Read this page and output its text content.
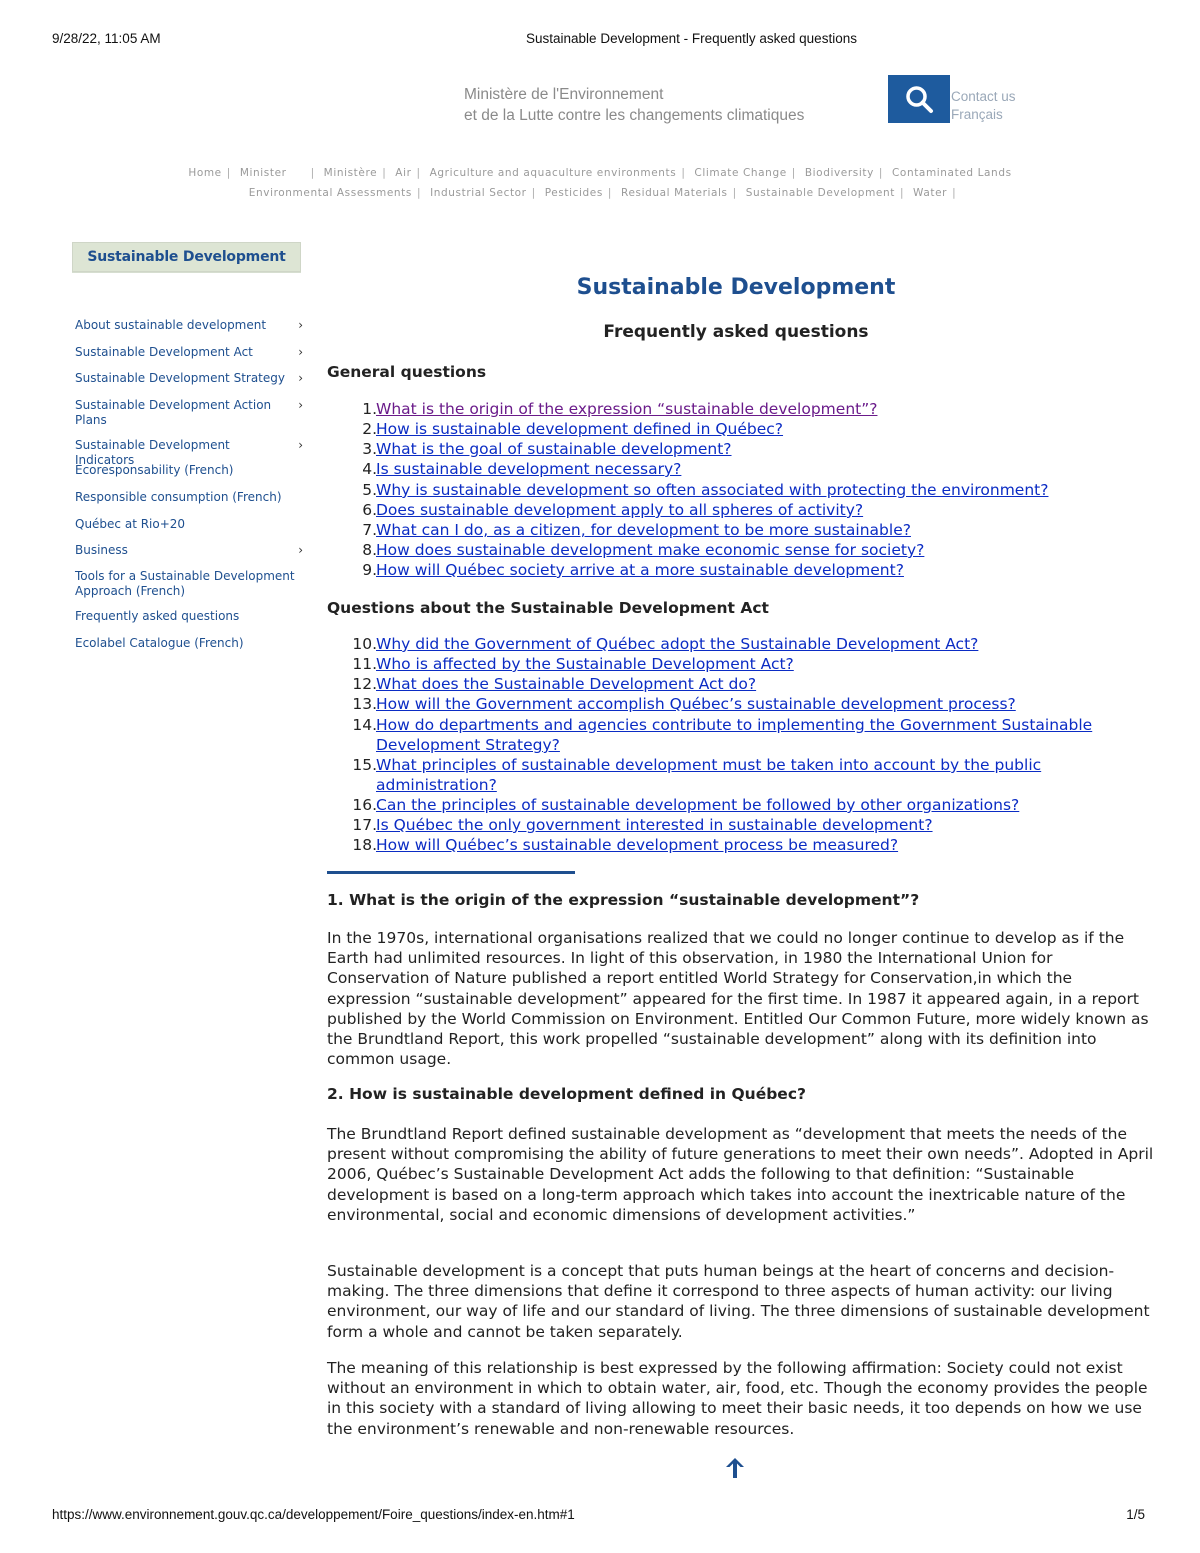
9/28/22, 11:05 AM	Sustainable Development - Frequently asked questions
Ministère de l'Environnement
et de la Lutte contre les changements climatiques
Contact us
Français
Home | Minister | Ministère | Air | Agriculture and aquaculture environments | Climate Change | Biodiversity | Contaminated Lands
Environmental Assessments | Industrial Sector | Pesticides | Residual Materials | Sustainable Development | Water |
Sustainable Development
About sustainable development	›
Sustainable Development Act	›
Sustainable Development Strategy	›
Sustainable Development Action Plans
›
Sustainable Development Indicators
›
Ecoresponsability (French)
Responsible consumption (French)
Québec at Rio+20
Business	›
Tools for a Sustainable Development Approach (French)
Frequently asked questions
Ecolabel Catalogue (French)
Sustainable Development
Frequently asked questions
General questions
1. What is the origin of the expression “sustainable development”?
2. How is sustainable development defined in Québec?
3. What is the goal of sustainable development?
4. Is sustainable development necessary?
5. Why is sustainable development so often associated with protecting the environment?
6. Does sustainable development apply to all spheres of activity?
7. What can I do, as a citizen, for development to be more sustainable?
8. How does sustainable development make economic sense for society?
9. How will Québec society arrive at a more sustainable development?
Questions about the Sustainable Development Act
10. Why did the Government of Québec adopt the Sustainable Development Act?
11. Who is affected by the Sustainable Development Act?
12. What does the Sustainable Development Act do?
13. How will the Government accomplish Québec’s sustainable development process?
14. How do departments and agencies contribute to implementing the Government Sustainable Development Strategy?
15. What principles of sustainable development must be taken into account by the public administration?
16. Can the principles of sustainable development be followed by other organizations?
17. Is Québec the only government interested in sustainable development?
18. How will Québec’s sustainable development process be measured?
1. What is the origin of the expression “sustainable development”?
In the 1970s, international organisations realized that we could no longer continue to develop as if the Earth had unlimited resources. In light of this observation, in 1980 the International Union for Conservation of Nature published a report entitled World Strategy for Conservation,in which the expression “sustainable development” appeared for the first time. In 1987 it appeared again, in a report published by the World Commission on Environment. Entitled Our Common Future, more widely known as the Brundtland Report, this work propelled “sustainable development” along with its definition into common usage.
2. How is sustainable development defined in Québec?
The Brundtland Report defined sustainable development as “development that meets the needs of the present without compromising the ability of future generations to meet their own needs”. Adopted in April 2006, Québec’s Sustainable Development Act adds the following to that definition: “Sustainable development is based on a long-term approach which takes into account the inextricable nature of the environmental, social and economic dimensions of development activities.”
Sustainable development is a concept that puts human beings at the heart of concerns and decision-making. The three dimensions that define it correspond to three aspects of human activity: our living environment, our way of life and our standard of living. The three dimensions of sustainable development form a whole and cannot be taken separately.
The meaning of this relationship is best expressed by the following affirmation: Society could not exist without an environment in which to obtain water, air, food, etc. Though the economy provides the people in this society with a standard of living allowing to meet their basic needs, it too depends on how we use the environment’s renewable and non-renewable resources.
https://www.environnement.gouv.qc.ca/developpement/Foire_questions/index-en.htm#1	1/5
